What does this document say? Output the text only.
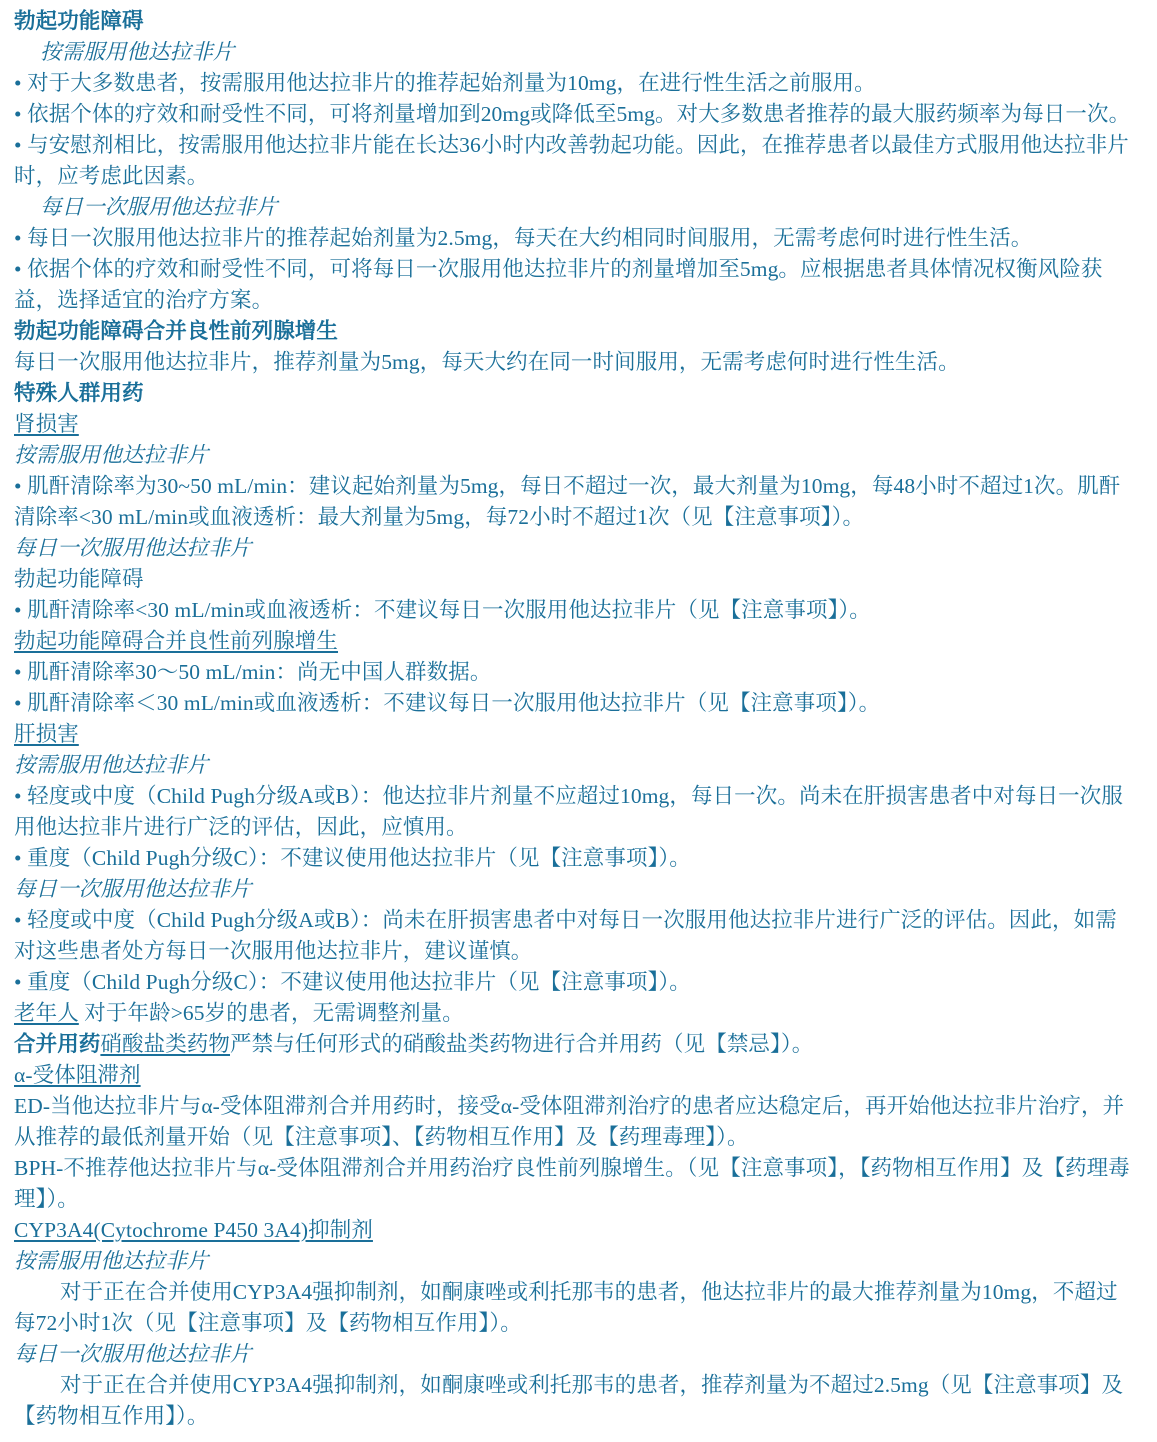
勃起功能障碍

按需服用他达拉非片

• 对于大多数患者，按需服用他达拉非片的推荐起始剂量为10mg，在进行性生活之前服用。

• 依据个体的疗效和耐受性不同，可将剂量增加到20mg或降低至5mg。对大多数患者推荐的最大服药频率为每日一次。

• 与安慰剂相比，按需服用他达拉非片能在长达36小时内改善勃起功能。因此，在推荐患者以最佳方式服用他达拉非片时，应考虑此因素。

每日一次服用他达拉非片

• 每日一次服用他达拉非片的推荐起始剂量为2.5mg，每天在大约相同时间服用，无需考虑何时进行性生活。

• 依据个体的疗效和耐受性不同，可将每日一次服用他达拉非片的剂量增加至5mg。应根据患者具体情况权衡风险获益，选择适宜的治疗方案。

勃起功能障碍合并良性前列腺增生

每日一次服用他达拉非片，推荐剂量为5mg，每天大约在同一时间服用，无需考虑何时进行性生活。

特殊人群用药

肾损害

按需服用他达拉非片

• 肌酐清除率为30~50 mL/min：建议起始剂量为5mg，每日不超过一次，最大剂量为10mg，每48小时不超过1次。肌酐清除率<30 mL/min或血液透析：最大剂量为5mg，每72小时不超过1次（见【注意事项】）。

每日一次服用他达拉非片

勃起功能障碍

• 肌酐清除率<30 mL/min或血液透析：不建议每日一次服用他达拉非片（见【注意事项】）。

勃起功能障碍合并良性前列腺增生

• 肌酐清除率30～50 mL/min：尚无中国人群数据。

• 肌酐清除率＜30 mL/min或血液透析：不建议每日一次服用他达拉非片（见【注意事项】）。

肝损害

按需服用他达拉非片

• 轻度或中度（Child Pugh分级A或B）：他达拉非片剂量不应超过10mg，每日一次。尚未在肝损害患者中对每日一次服用他达拉非片进行广泛的评估，因此，应慎用。

• 重度（Child Pugh分级C）：不建议使用他达拉非片（见【注意事项】）。

每日一次服用他达拉非片

• 轻度或中度（Child Pugh分级A或B）：尚未在肝损害患者中对每日一次服用他达拉非片进行广泛的评估。因此，如需对这些患者处方每日一次服用他达拉非片，建议谨慎。

• 重度（Child Pugh分级C）：不建议使用他达拉非片（见【注意事项】）。

老年人 对于年龄>65岁的患者，无需调整剂量。

合并用药硝酸盐类药物严禁与任何形式的硝酸盐类药物进行合并用药（见【禁忌】）。

α-受体阻滞剂

ED-当他达拉非片与α-受体阻滞剂合并用药时，接受α-受体阻滞剂治疗的患者应达稳定后，再开始他达拉非片治疗，并从推荐的最低剂量开始（见【注意事项】、【药物相互作用】及【药理毒理】）。

BPH-不推荐他达拉非片与α-受体阻滞剂合并用药治疗良性前列腺增生。（见【注意事项】，【药物相互作用】及【药理毒理】）。

CYP3A4(Cytochrome P450 3A4)抑制剂

按需服用他达拉非片

对于正在合并使用CYP3A4强抑制剂，如酮康唑或利托那韦的患者，他达拉非片的最大推荐剂量为10mg，不超过每72小时1次（见【注意事项】及【药物相互作用】）。

每日一次服用他达拉非片

对于正在合并使用CYP3A4强抑制剂，如酮康唑或利托那韦的患者，推荐剂量为不超过2.5mg（见【注意事项】及【药物相互作用】）。
